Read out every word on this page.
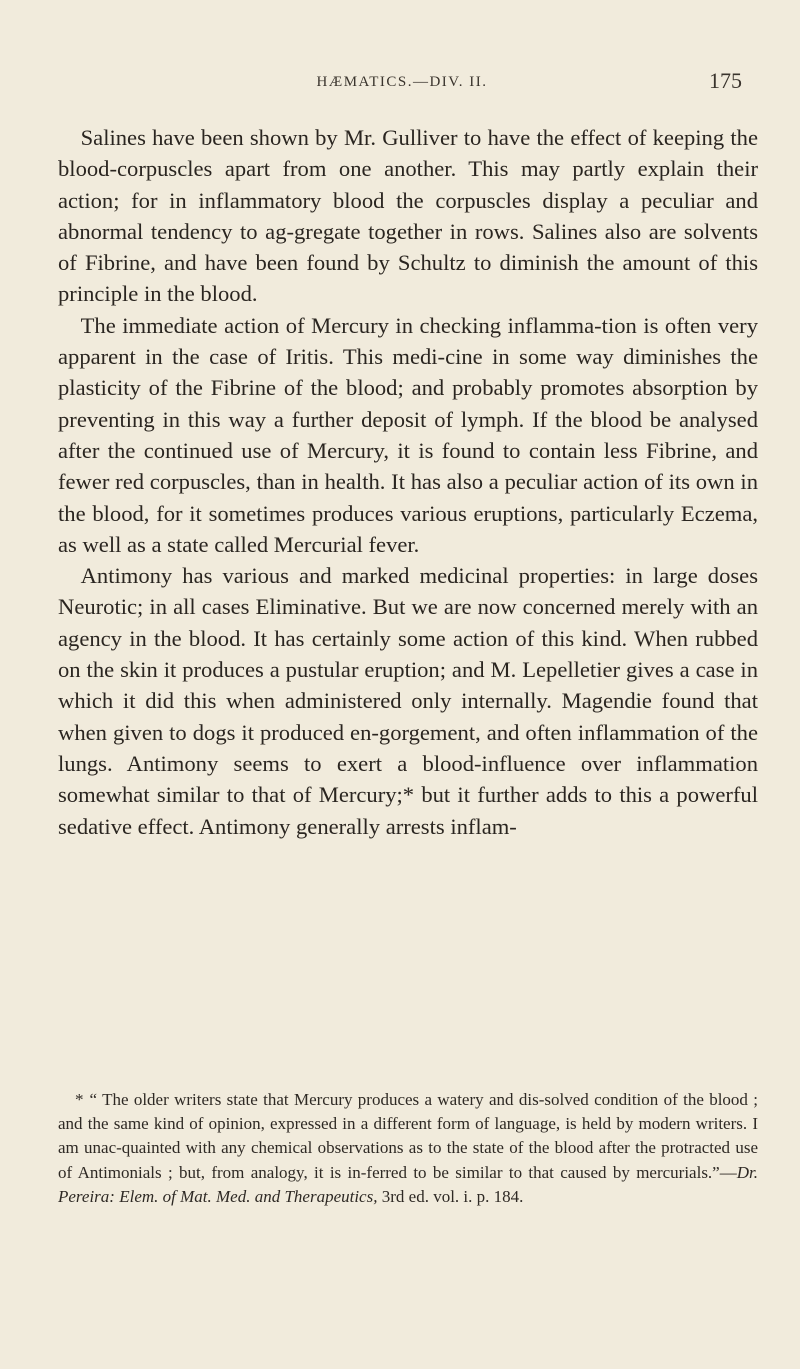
HÆMATICS.—DIV. II.	175

Salines have been shown by Mr. Gulliver to have the effect of keeping the blood-corpuscles apart from one another. This may partly explain their action; for in inflammatory blood the corpuscles display a peculiar and abnormal tendency to ag-gregate together in rows. Salines also are solvents of Fibrine, and have been found by Schultz to diminish the amount of this principle in the blood.

The immediate action of Mercury in checking inflamma-tion is often very apparent in the case of Iritis. This medi-cine in some way diminishes the plasticity of the Fibrine of the blood; and probably promotes absorption by preventing in this way a further deposit of lymph. If the blood be analysed after the continued use of Mercury, it is found to contain less Fibrine, and fewer red corpuscles, than in health. It has also a peculiar action of its own in the blood, for it sometimes produces various eruptions, particularly Eczema, as well as a state called Mercurial fever.

Antimony has various and marked medicinal properties: in large doses Neurotic; in all cases Eliminative. But we are now concerned merely with an agency in the blood. It has certainly some action of this kind. When rubbed on the skin it produces a pustular eruption; and M. Lepelletier gives a case in which it did this when administered only internally. Magendie found that when given to dogs it produced en-gorgement, and often inflammation of the lungs. Antimony seems to exert a blood-influence over inflammation somewhat similar to that of Mercury;* but it further adds to this a powerful sedative effect. Antimony generally arrests inflam-

* “ The older writers state that Mercury produces a watery and dis-solved condition of the blood ; and the same kind of opinion, expressed in a different form of language, is held by modern writers. I am unac-quainted with any chemical observations as to the state of the blood after the protracted use of Antimonials ; but, from analogy, it is in-ferred to be similar to that caused by mercurials.”—Dr. Pereira: Elem. of Mat. Med. and Therapeutics, 3rd ed. vol. i. p. 184.
